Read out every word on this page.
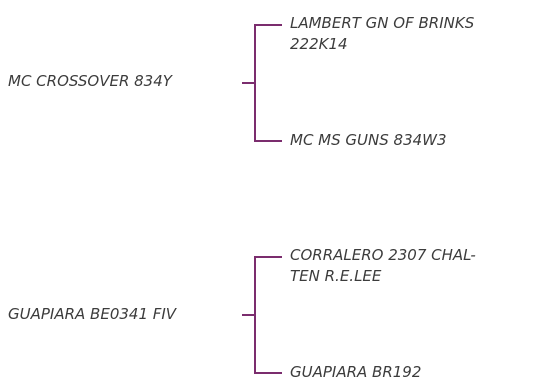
MC CROSSOVER 834Y
LAMBERT GN OF BRINKS
222K14
MC MS GUNS 834W3
GUAPIARA BE0341 FIV
CORRALERO 2307 CHAL-
TEN R.E.LEE
GUAPIARA BR192
